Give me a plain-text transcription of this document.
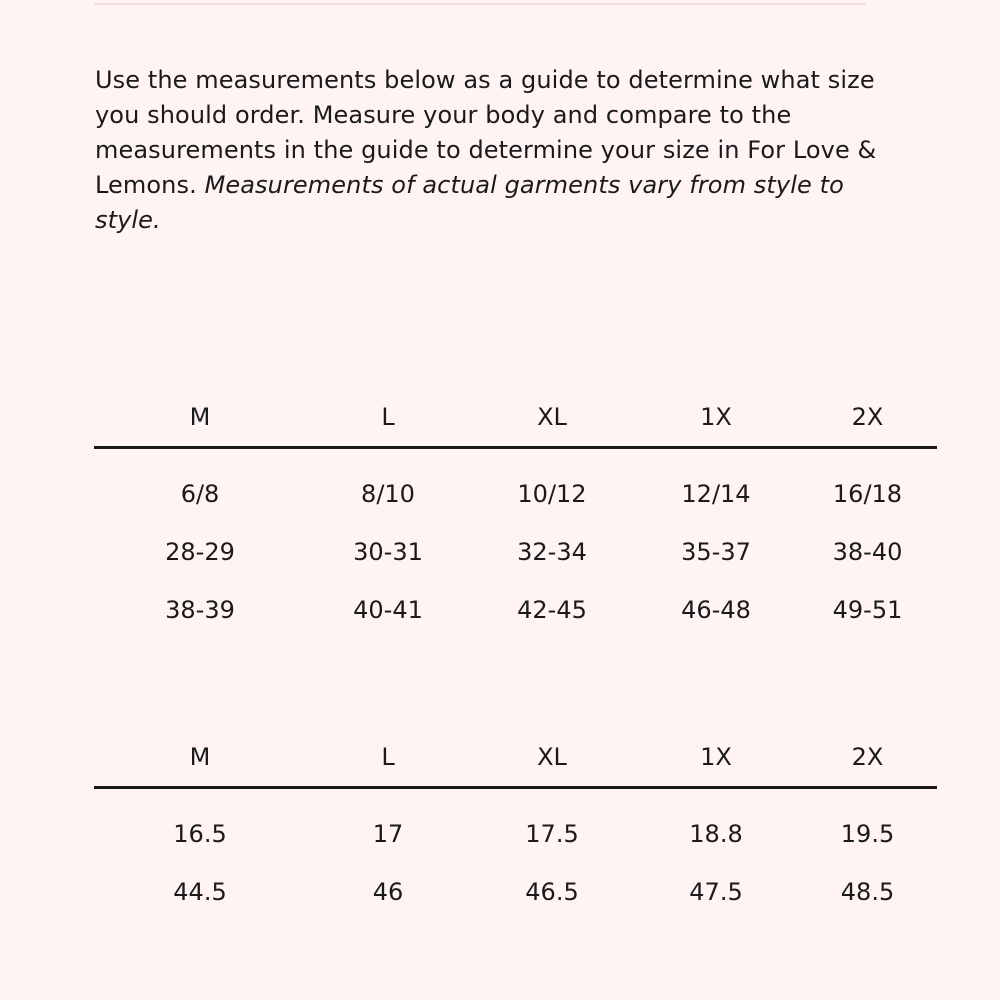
Use the measurements below as a guide to determine what size you should order. Measure your body and compare to the measurements in the guide to determine your size in For Love & Lemons. Measurements of actual garments vary from style to style.

M	L	XL	1X	2X
6/8	8/10	10/12	12/14	16/18
28-29	30-31	32-34	35-37	38-40
38-39	40-41	42-45	46-48	49-51
M	L	XL	1X	2X
16.5	17	17.5	18.8	19.5
44.5	46	46.5	47.5	48.5
